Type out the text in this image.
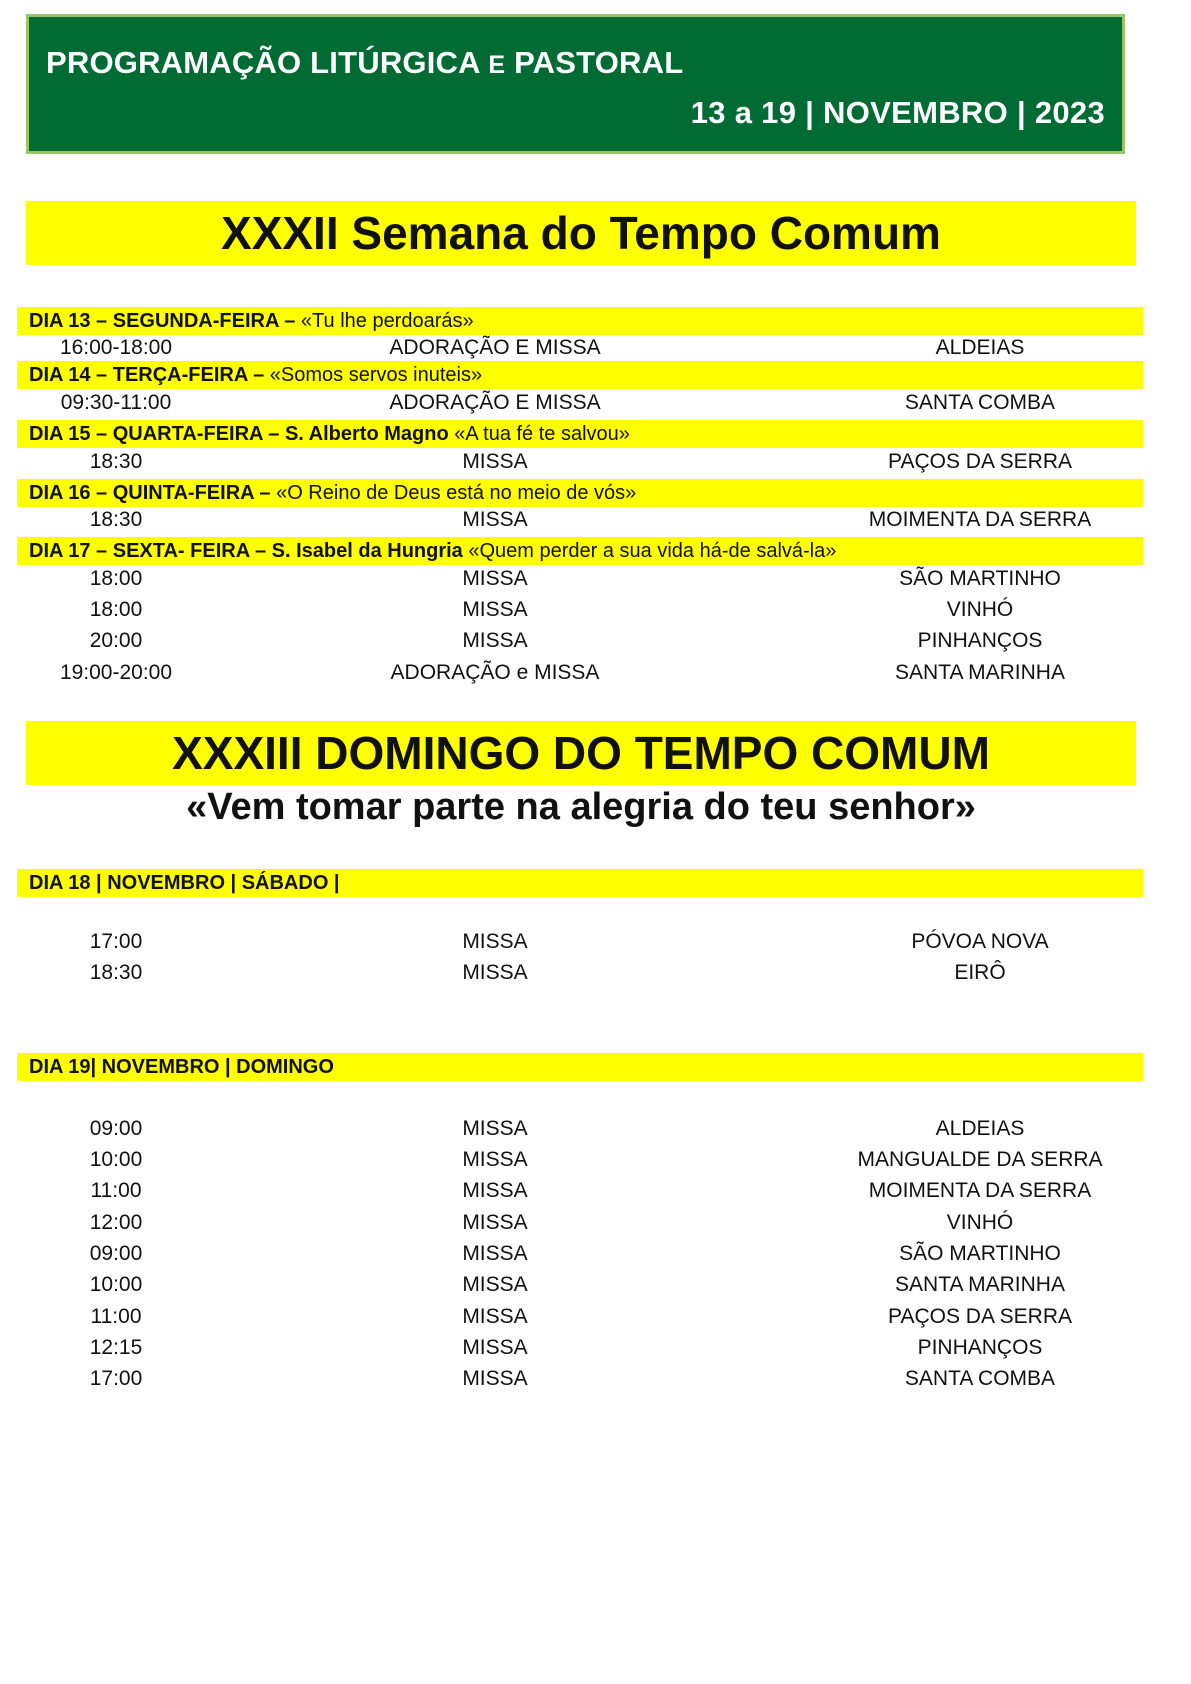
PROGRAMAÇÃO LITÚRGICA E PASTORAL
13 a 19 | NOVEMBRO | 2023
XXXII Semana do Tempo Comum
DIA 13 – SEGUNDA-FEIRA – «Tu lhe perdoarás»
16:00-18:00	ADORAÇÃO E MISSA	ALDEIAS
DIA 14 – TERÇA-FEIRA – «Somos servos inuteis»
09:30-11:00	ADORAÇÃO E MISSA	SANTA COMBA
DIA 15 – QUARTA-FEIRA – S. Alberto Magno «A tua fé te salvou»
18:30	MISSA	PAÇOS DA SERRA
DIA 16 – QUINTA-FEIRA – «O Reino de Deus está no meio de vós»
18:30	MISSA	MOIMENTA DA SERRA
DIA 17 – SEXTA- FEIRA – S. Isabel da Hungria «Quem perder a sua vida há-de salvá-la»
18:00	MISSA	SÃO MARTINHO
18:00	MISSA	VINHÓ
20:00	MISSA	PINHANÇOS
19:00-20:00	ADORAÇÃO e MISSA	SANTA MARINHA
XXXIII DOMINGO DO TEMPO COMUM
«Vem tomar parte na alegria do teu senhor»
DIA 18 | NOVEMBRO | SÁBADO |
17:00	MISSA	PÓVOA NOVA
18:30	MISSA	EIRÔ
DIA 19| NOVEMBRO | DOMINGO
09:00	MISSA	ALDEIAS
10:00	MISSA	MANGUALDE DA SERRA
11:00	MISSA	MOIMENTA DA SERRA
12:00	MISSA	VINHÓ
09:00	MISSA	SÃO MARTINHO
10:00	MISSA	SANTA MARINHA
11:00	MISSA	PAÇOS DA SERRA
12:15	MISSA	PINHANÇOS
17:00	MISSA	SANTA COMBA
